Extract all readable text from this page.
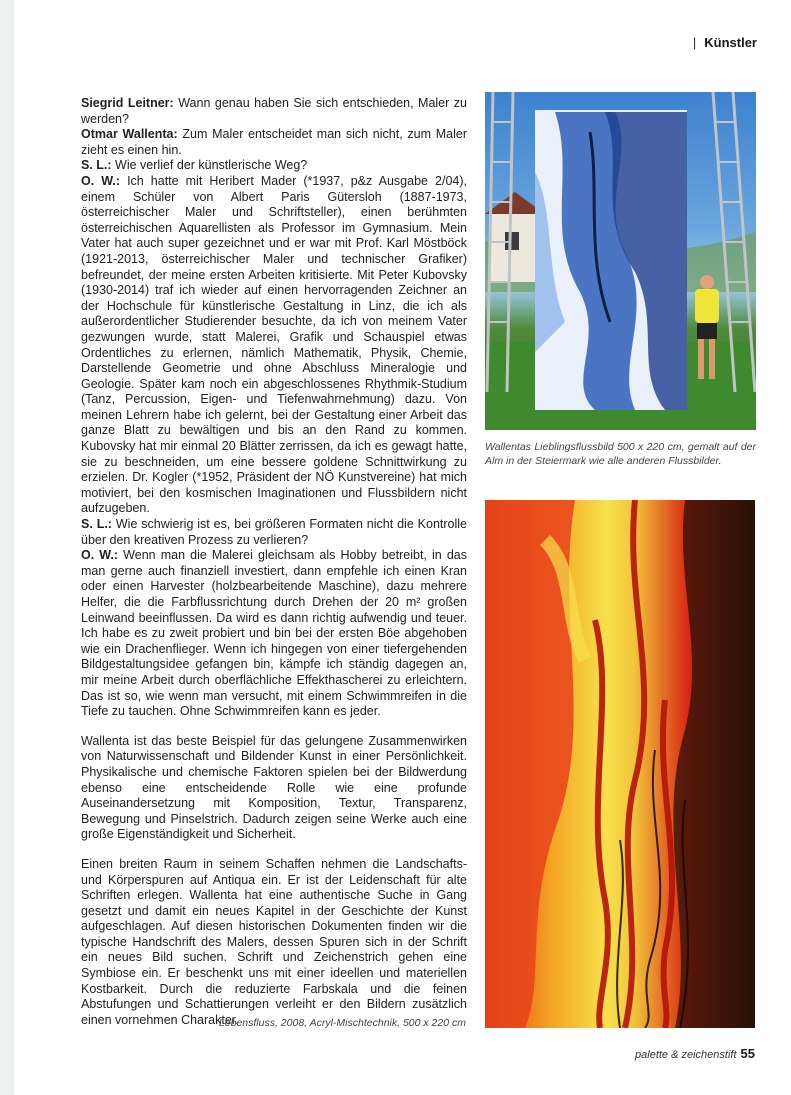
| Künstler

Siegrid Leitner: Wann genau haben Sie sich entschieden, Maler zu werden?

Otmar Wallenta: Zum Maler entscheidet man sich nicht, zum Maler zieht es einen hin.

S. L.: Wie verlief der künstlerische Weg?

O. W.: Ich hatte mit Heribert Mader (*1937, p&z Ausgabe 2/04), einem Schüler von Albert Paris Gütersloh (1887-1973, österreichischer Maler und Schriftsteller), einen berühmten österreichischen Aquarellisten als Professor im Gymnasium. Mein Vater hat auch super gezeichnet und er war mit Prof. Karl Möstböck (1921-2013, österreichischer Maler und technischer Grafiker) befreundet, der meine ersten Arbeiten kritisierte. Mit Peter Kubovsky (1930-2014) traf ich wieder auf einen hervorragenden Zeichner an der Hochschule für künstlerische Gestaltung in Linz, die ich als außerordentlicher Studierender besuchte, da ich von meinem Vater gezwungen wurde, statt Malerei, Grafik und Schauspiel etwas Ordentliches zu erlernen, nämlich Mathematik, Physik, Chemie, Darstellende Geometrie und ohne Abschluss Mineralogie und Geologie. Später kam noch ein abgeschlossenes Rhythmik-Studium (Tanz, Percussion, Eigen- und Tiefenwahrnehmung) dazu. Von meinen Lehrern habe ich gelernt, bei der Gestaltung einer Arbeit das ganze Blatt zu bewältigen und bis an den Rand zu kommen. Kubovsky hat mir einmal 20 Blätter zerrissen, da ich es gewagt hatte, sie zu beschneiden, um eine bessere goldene Schnittwirkung zu erzielen. Dr. Kogler (*1952, Präsident der NÖ Kunstvereine) hat mich motiviert, bei den kosmischen Imaginationen und Flussbildern nicht aufzugeben.

S. L.: Wie schwierig ist es, bei größeren Formaten nicht die Kontrolle über den kreativen Prozess zu verlieren?

O. W.: Wenn man die Malerei gleichsam als Hobby betreibt, in das man gerne auch finanziell investiert, dann empfehle ich einen Kran oder einen Harvester (holzbearbeitende Maschine), dazu mehrere Helfer, die die Farbflussrichtung durch Drehen der 20 m² großen Leinwand beeinflussen. Da wird es dann richtig aufwendig und teuer. Ich habe es zu zweit probiert und bin bei der ersten Böe abgehoben wie ein Drachenflieger. Wenn ich hingegen von einer tiefergehenden Bildgestaltungsidee gefangen bin, kämpfe ich ständig dagegen an, mir meine Arbeit durch oberflächliche Effekthascherei zu erleichtern. Das ist so, wie wenn man versucht, mit einem Schwimmreifen in die Tiefe zu tauchen. Ohne Schwimmreifen kann es jeder.

Wallenta ist das beste Beispiel für das gelungene Zusammenwirken von Naturwissenschaft und Bildender Kunst in einer Persönlichkeit. Physikalische und chemische Faktoren spielen bei der Bildwerdung ebenso eine entscheidende Rolle wie eine profunde Auseinandersetzung mit Komposition, Textur, Transparenz, Bewegung und Pinselstrich. Dadurch zeigen seine Werke auch eine große Eigenständigkeit und Sicherheit.

Einen breiten Raum in seinem Schaffen nehmen die Landschafts- und Körperspuren auf Antiqua ein. Er ist der Leidenschaft für alte Schriften erlegen. Wallenta hat eine authentische Suche in Gang gesetzt und damit ein neues Kapitel in der Geschichte der Kunst aufgeschlagen. Auf diesen historischen Dokumenten finden wir die typische Handschrift des Malers, dessen Spuren sich in der Schrift ein neues Bild suchen. Schrift und Zeichenstrich gehen eine Symbiose ein. Er beschenkt uns mit einer ideellen und materiellen Kostbarkeit. Durch die reduzierte Farbskala und die feinen Abstufungen und Schattierungen verleiht er den Bildern zusätzlich einen vornehmen Charakter.

Wallentas Lieblingsflussbild 500 x 220 cm, gemalt auf der Alm in der Steiermark wie alle anderen Flussbilder.
Lebensfluss, 2008, Acryl-Mischtechnik, 500 x 220 cm
palette & zeichenstift 55
